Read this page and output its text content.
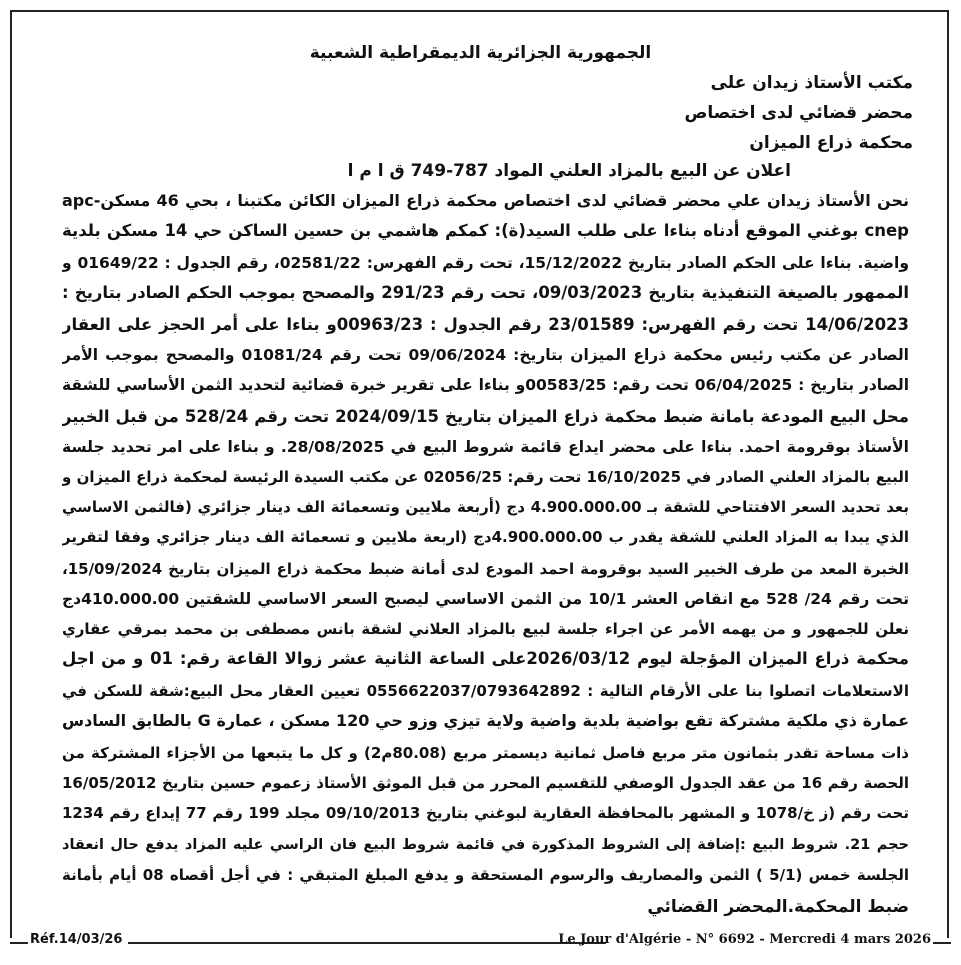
الجمهورية الجزائرية الديمقراطية الشعبية
مكتب الأستاذ زيدان على
محضر قضائي لدى اختصاص
محكمة ذراع الميزان
اعلان عن البيع بالمزاد العلني المواد 787-749 ق ا م ا
نحن الأستاذ زيدان علي محضر قضائي لدى اختصاص محكمة ذراع الميزان الكائن مكتبنا ، بحي 46 مسكن-apc
cnep بوغني الموقع أدناه بناءا على طلب السيد(ة): كمكم هاشمي بن حسين الساكن حي 14 مسكن بلدية
واضية. بناءا على الحكم الصادر بتاريخ 15/12/2022، تحت رقم الفهرس: 02581/22، رقم الجدول : 01649/22 و
الممهور بالصيغة التنفيذية بتاريخ 09/03/2023، تحت رقم 291/23 والمصحح بموجب الحكم الصادر بتاريخ :
14/06/2023 تحت رقم الفهرس: 23/01589 رقم الجدول : 00963/23و بناءا على أمر الحجز على العقار
الصادر عن مكتب رئيس محكمة ذراع الميزان بتاريخ: 09/06/2024 تحت رقم 01081/24 والمصحح بموجب الأمر
الصادر بتاريخ : 06/04/2025 تحت رقم: 00583/25و بناءا على تقرير خبرة قضائية لتحديد الثمن الأساسي للشقة
محل البيع المودعة بامانة ضبط محكمة ذراع الميزان بتاريخ 2024/09/15 تحت رقم 528/24 من قبل الخبير
الأستاذ بوقرومة احمد. بناءا على محضر ايداع قائمة شروط البيع في 28/08/2025. و بناءا على امر تحديد جلسة
البيع بالمزاد العلني الصادر في 16/10/2025 تحت رقم: 02056/25 عن مكتب السيدة الرئيسة لمحكمة ذراع الميزان و
بعد تحديد السعر الافتتاحي للشقة بـ 4.900.000.00 دج (أربعة ملايين وتسعمائة الف دينار جزائري (فالثمن الاساسي
الذي يبدا به المزاد العلني للشقة يقدر ب 4.900.000.00دج (اربعة ملايين و تسعمائة الف دينار جزائري وفقا لتقرير
الخبرة المعد من طرف الخبير السيد بوقرومة احمد المودع لدى أمانة ضبط محكمة ذراع الميزان بتاريخ 15/09/2024،
تحت رقم 24/ 528 مع انقاص العشر 10/1 من الثمن الاساسي ليصبح السعر الاساسي للشقتين 410.000.00دج
نعلن للجمهور و من يهمه الأمر عن اجراء جلسة لبيع بالمزاد العلاني لشقة بانس مصطفى بن محمد بمرقي عقاري
محكمة ذراع الميزان المؤجلة ليوم 2026/03/12على الساعة الثانية عشر زوالا القاعة رقم: 01 و من اجل
الاستعلامات اتصلوا بنا على الأرقام التالية : 0556622037/0793642892 تعيين العقار محل البيع:شقة للسكن في
عمارة ذي ملكية مشتركة تقع بواضية بلدية واضية ولاية تيزي وزو حي 120 مسكن ، عمارة G بالطابق السادس
ذات مساحة تقدر بثمانون متر مربع فاصل ثمانية ديسمتر مربع (80.08م2) و كل ما يتبعها من الأجزاء المشتركة من
الحصة رقم 16 من عقد الجدول الوصفي للتقسيم المحرر من قبل الموثق الأستاذ زعموم حسين بتاريخ 16/05/2012
تحت رقم (ز خ/1078 و المشهر بالمحافظة العقارية لبوغني بتاريخ 09/10/2013 مجلد 199 رقم 77 إيداع رقم 1234
حجم 21. شروط البيع :إضافة إلى الشروط المذكورة في قائمة شروط البيع فان الراسي عليه المزاد يدفع حال انعقاد
الجلسة خمس (5/1 ) الثمن والمصاريف والرسوم المستحقة و يدفع المبلغ المتبقي : في أجل أقصاه 08 أيام بأمانة
ضبط المحكمة.المحضر القضائي
Réf.14/03/26	Le Jour d'Algérie - N° 6692 - Mercredi 4 mars 2026
